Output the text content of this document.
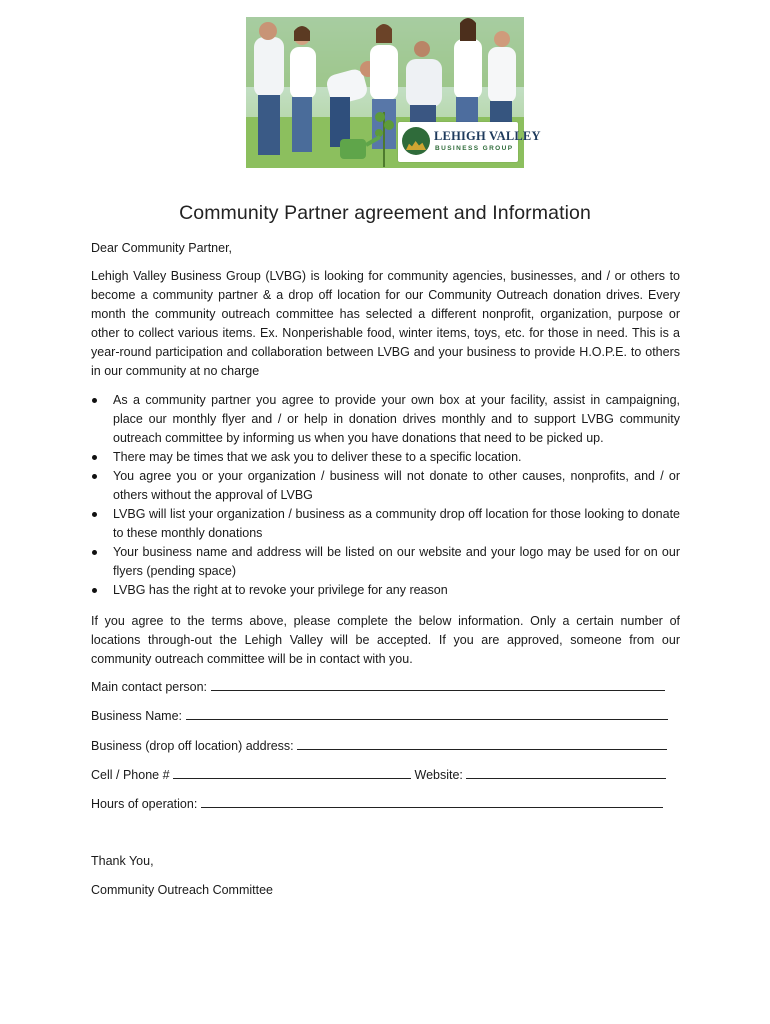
LEHIGH VALLEY
BUSINESS GROUP
Community Partner agreement and Information
Dear Community Partner,
Lehigh Valley Business Group (LVBG) is looking for community agencies, businesses, and / or others to become a community partner & a drop off location for our Community Outreach donation drives. Every month the community outreach committee has selected a different nonprofit, organization, purpose or other to collect various items. Ex. Nonperishable food, winter items, toys, etc. for those in need. This is a year-round participation and collaboration between LVBG and your business to provide H.O.P.E. to others in our community at no charge
As a community partner you agree to provide your own box at your facility, assist in campaigning, place our monthly flyer and / or help in donation drives monthly and to support LVBG community outreach committee by informing us when you have donations that need to be picked up.
There may be times that we ask you to deliver these to a specific location.
You agree you or your organization / business will not donate to other causes, nonprofits, and / or others without the approval of LVBG
LVBG will list your organization / business as a community drop off location for those looking to donate to these monthly donations
Your business name and address will be listed on our website and your logo may be used for on our flyers (pending space)
LVBG has the right at to revoke your privilege for any reason
If you agree to the terms above, please complete the below information. Only a certain number of locations through-out the Lehigh Valley will be accepted. If you are approved, someone from our community outreach committee will be in contact with you.
Main contact person:
Business Name:
Business (drop off location) address:
Cell / Phone #	Website:
Hours of operation:
Thank You,
Community Outreach Committee
